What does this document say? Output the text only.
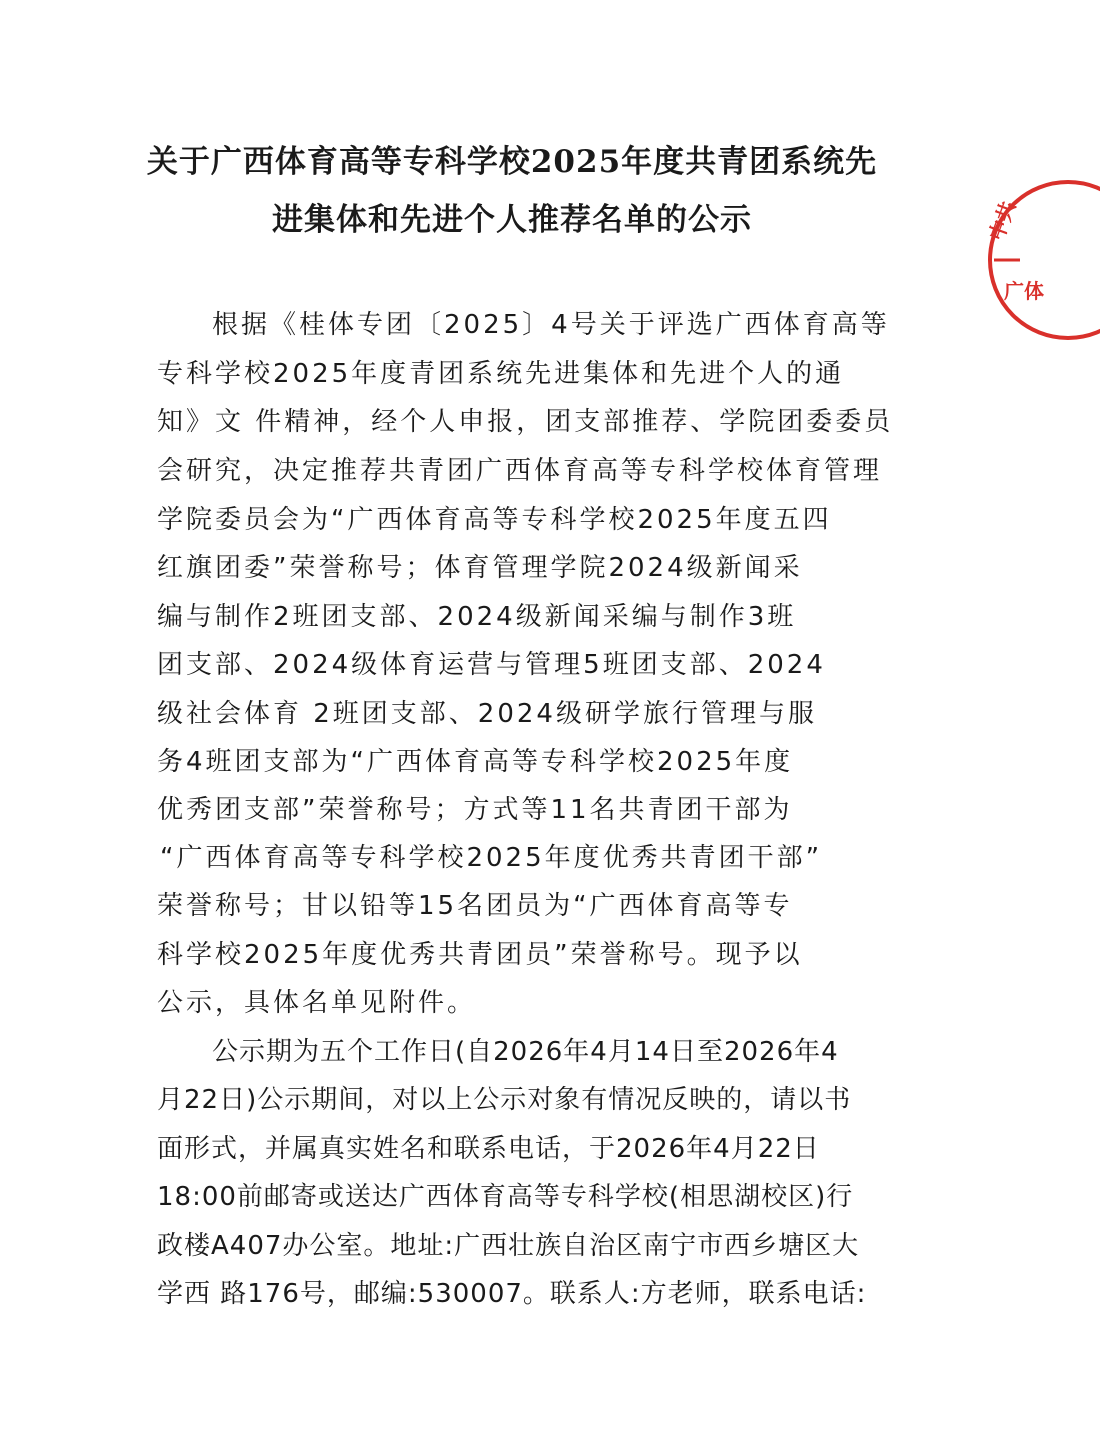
关于广西体育高等专科学校2025年度共青团系统先
进集体和先进个人推荐名单的公示
根据《桂体专团〔2025〕4号关于评选广西体育高等
专科学校2025年度青团系统先进集体和先进个人的通
知》文 件精神，经个人申报，团支部推荐、学院团委委员
会研究，决定推荐共青团广西体育高等专科学校体育管理
学院委员会为“广西体育高等专科学校2025年度五四
红旗团委”荣誉称号；体育管理学院2024级新闻采
编与制作2班团支部、2024级新闻采编与制作3班
团支部、2024级体育运营与管理5班团支部、2024
级社会体育 2班团支部、2024级研学旅行管理与服
务4班团支部为“广西体育高等专科学校2025年度
优秀团支部”荣誉称号；方式等11名共青团干部为
“广西体育高等专科学校2025年度优秀共青团干部”
荣誉称号；甘以铅等15名团员为“广西体育高等专
科学校2025年度优秀共青团员”荣誉称号。现予以
公示，具体名单见附件。
公示期为五个工作日(自2026年4月14日至2026年4
月22日)公示期间，对以上公示对象有情况反映的，请以书
面形式，并属真实姓名和联系电话，于2026年4月22日
18:00前邮寄或送达广西体育高等专科学校(相思湖校区)行
政楼A407办公室。地址:广西壮族自治区南宁市西乡塘区大
学西 路176号，邮编:530007。联系人:方老师，联系电话:
中共
广体
